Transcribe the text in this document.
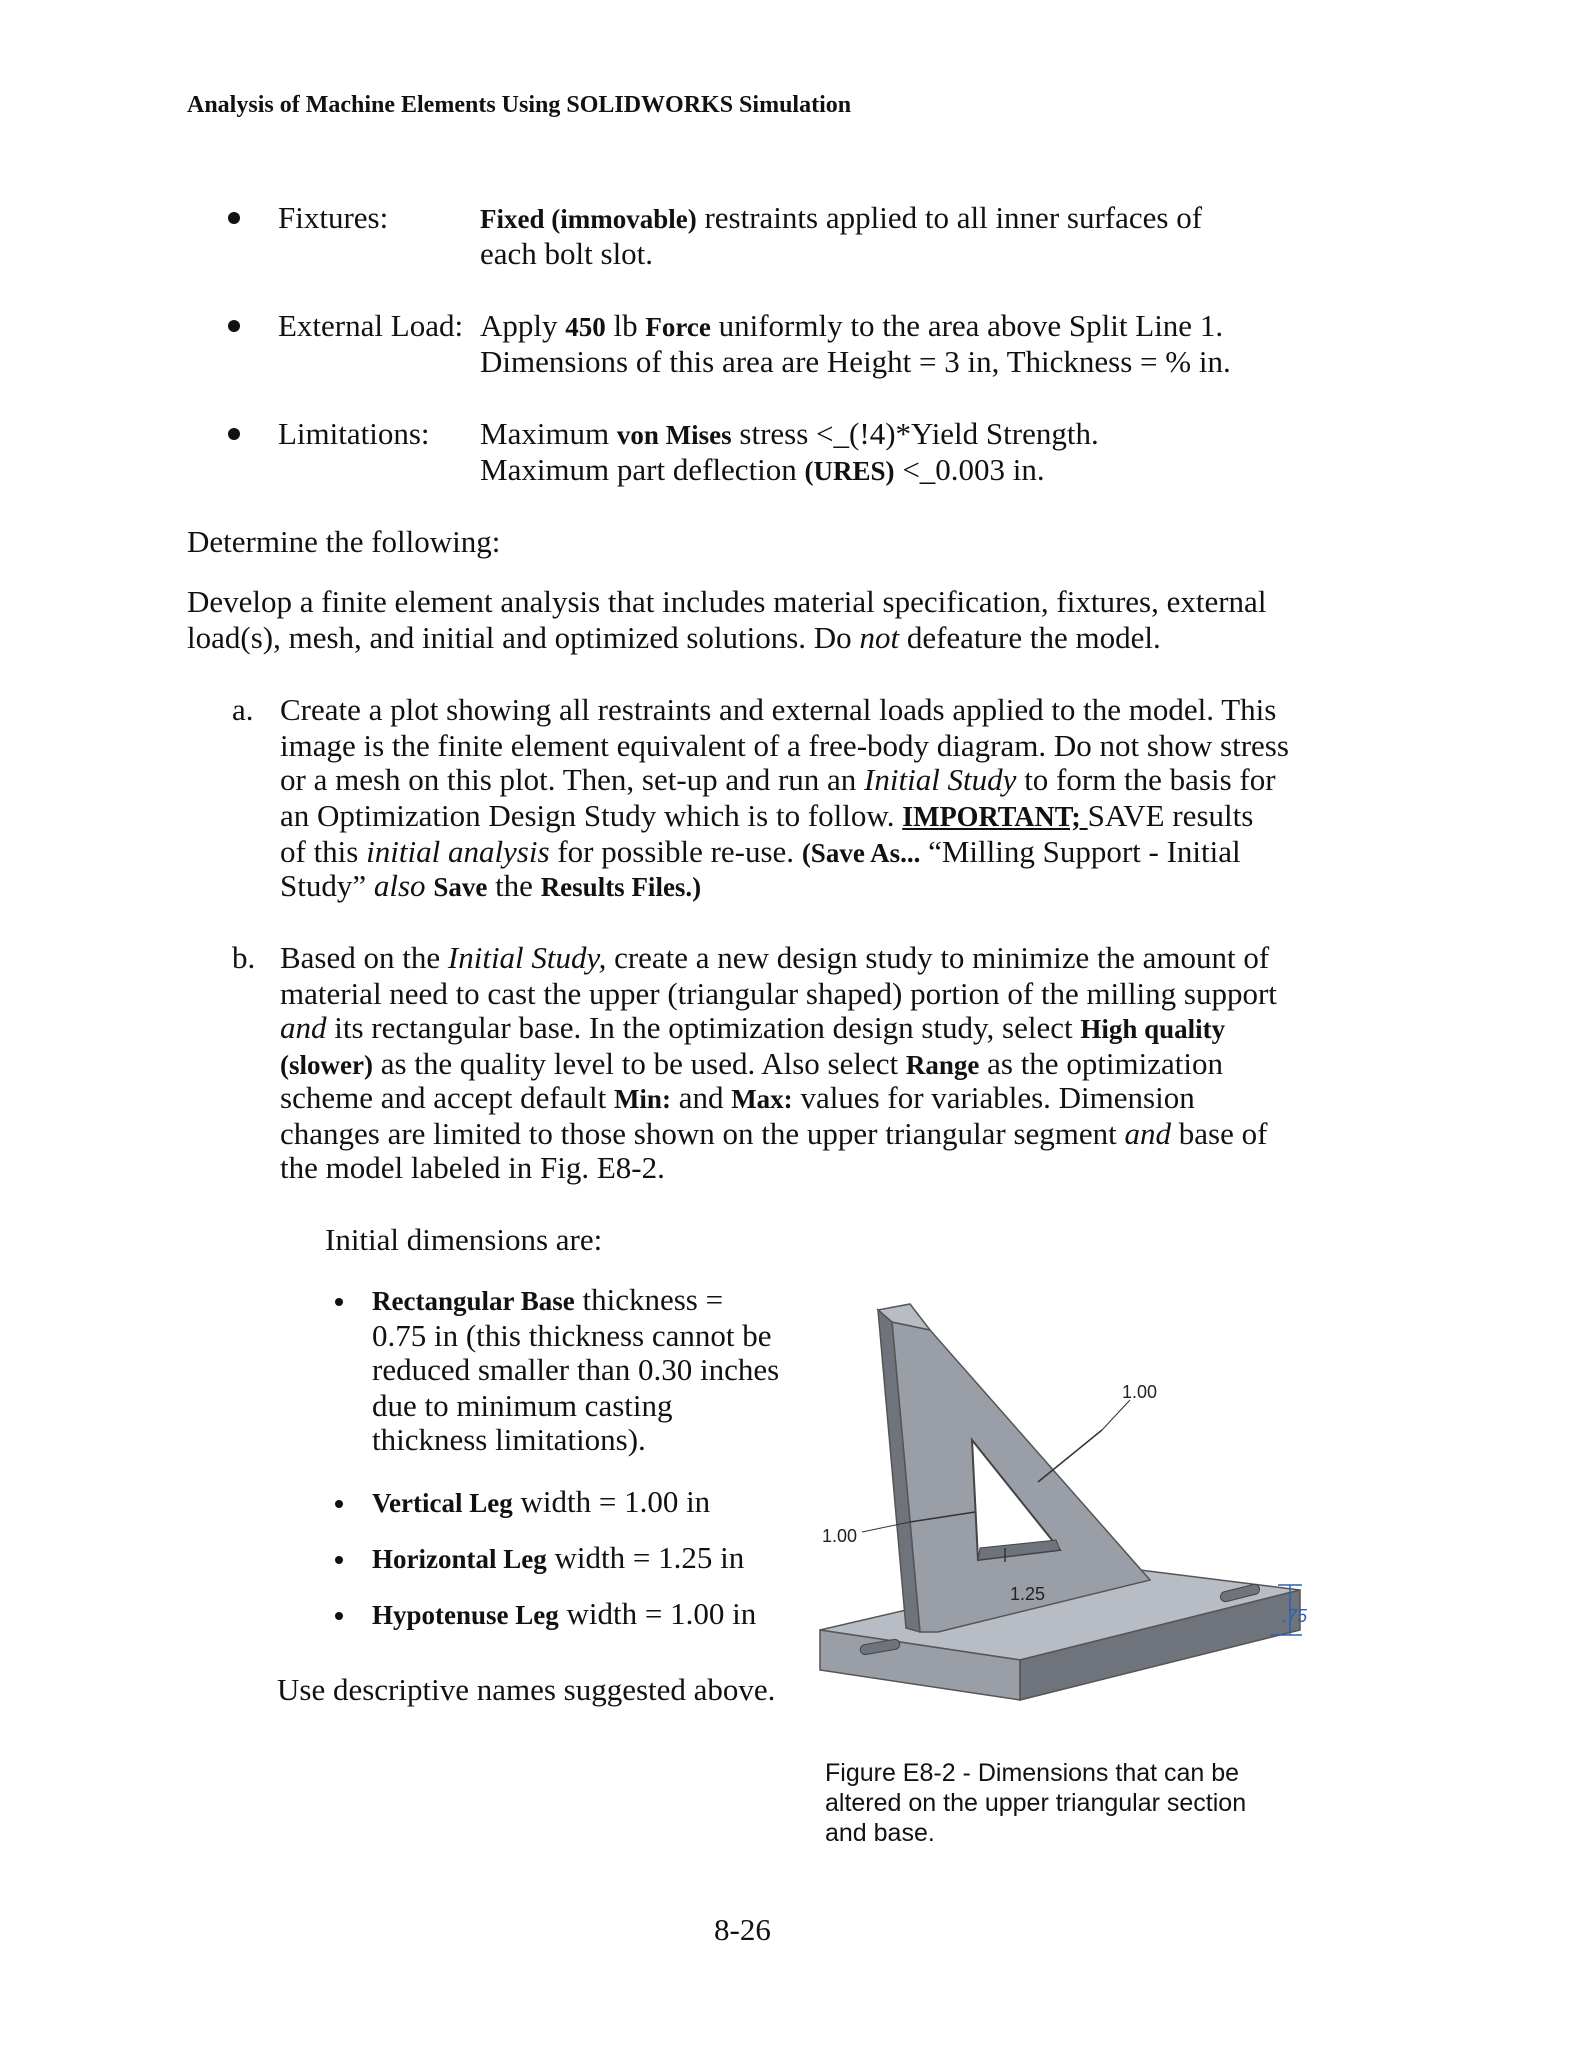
Analysis of Machine Elements Using SOLIDWORKS Simulation
Fixtures:	Fixed (immovable) restraints applied to all inner surfaces of
each bolt slot.
External Load: Apply 450 lb Force uniformly to the area above Split Line 1.
Dimensions of this area are Height = 3 in, Thickness = % in.
Limitations: Maximum von Mises stress <_(!4)*Yield Strength.
Maximum part deflection (URES) <_0.003 in.
Determine the following:
Develop a finite element analysis that includes material specification, fixtures, external
load(s), mesh, and initial and optimized solutions. Do not defeature the model.
a. Create a plot showing all restraints and external loads applied to the model. This
image is the finite element equivalent of a free-body diagram. Do not show stress
or a mesh on this plot. Then, set-up and run an Initial Study to form the basis for
an Optimization Design Study which is to follow. IMPORTANT; SAVE results
of this initial analysis for possible re-use. (Save As... “Milling Support - Initial
Study” also Save the Results Files.)
b. Based on the Initial Study, create a new design study to minimize the amount of
material need to cast the upper (triangular shaped) portion of the milling support
and its rectangular base. In the optimization design study, select High quality
(slower) as the quality level to be used. Also select Range as the optimization
scheme and accept default Min: and Max: values for variables. Dimension
changes are limited to those shown on the upper triangular segment and base of
the model labeled in Fig. E8-2.
Initial dimensions are:
Rectangular Base thickness =
0.75 in (this thickness cannot be
reduced smaller than 0.30 inches
due to minimum casting
thickness limitations).
Vertical Leg width = 1.00 in
Horizontal Leg width = 1.25 in
Hypotenuse Leg width = 1.00 in
Use descriptive names suggested above.
1.00
1.00
1.25
.75
Figure E8-2 - Dimensions that can be
altered on the upper triangular section
and base.
8-26
